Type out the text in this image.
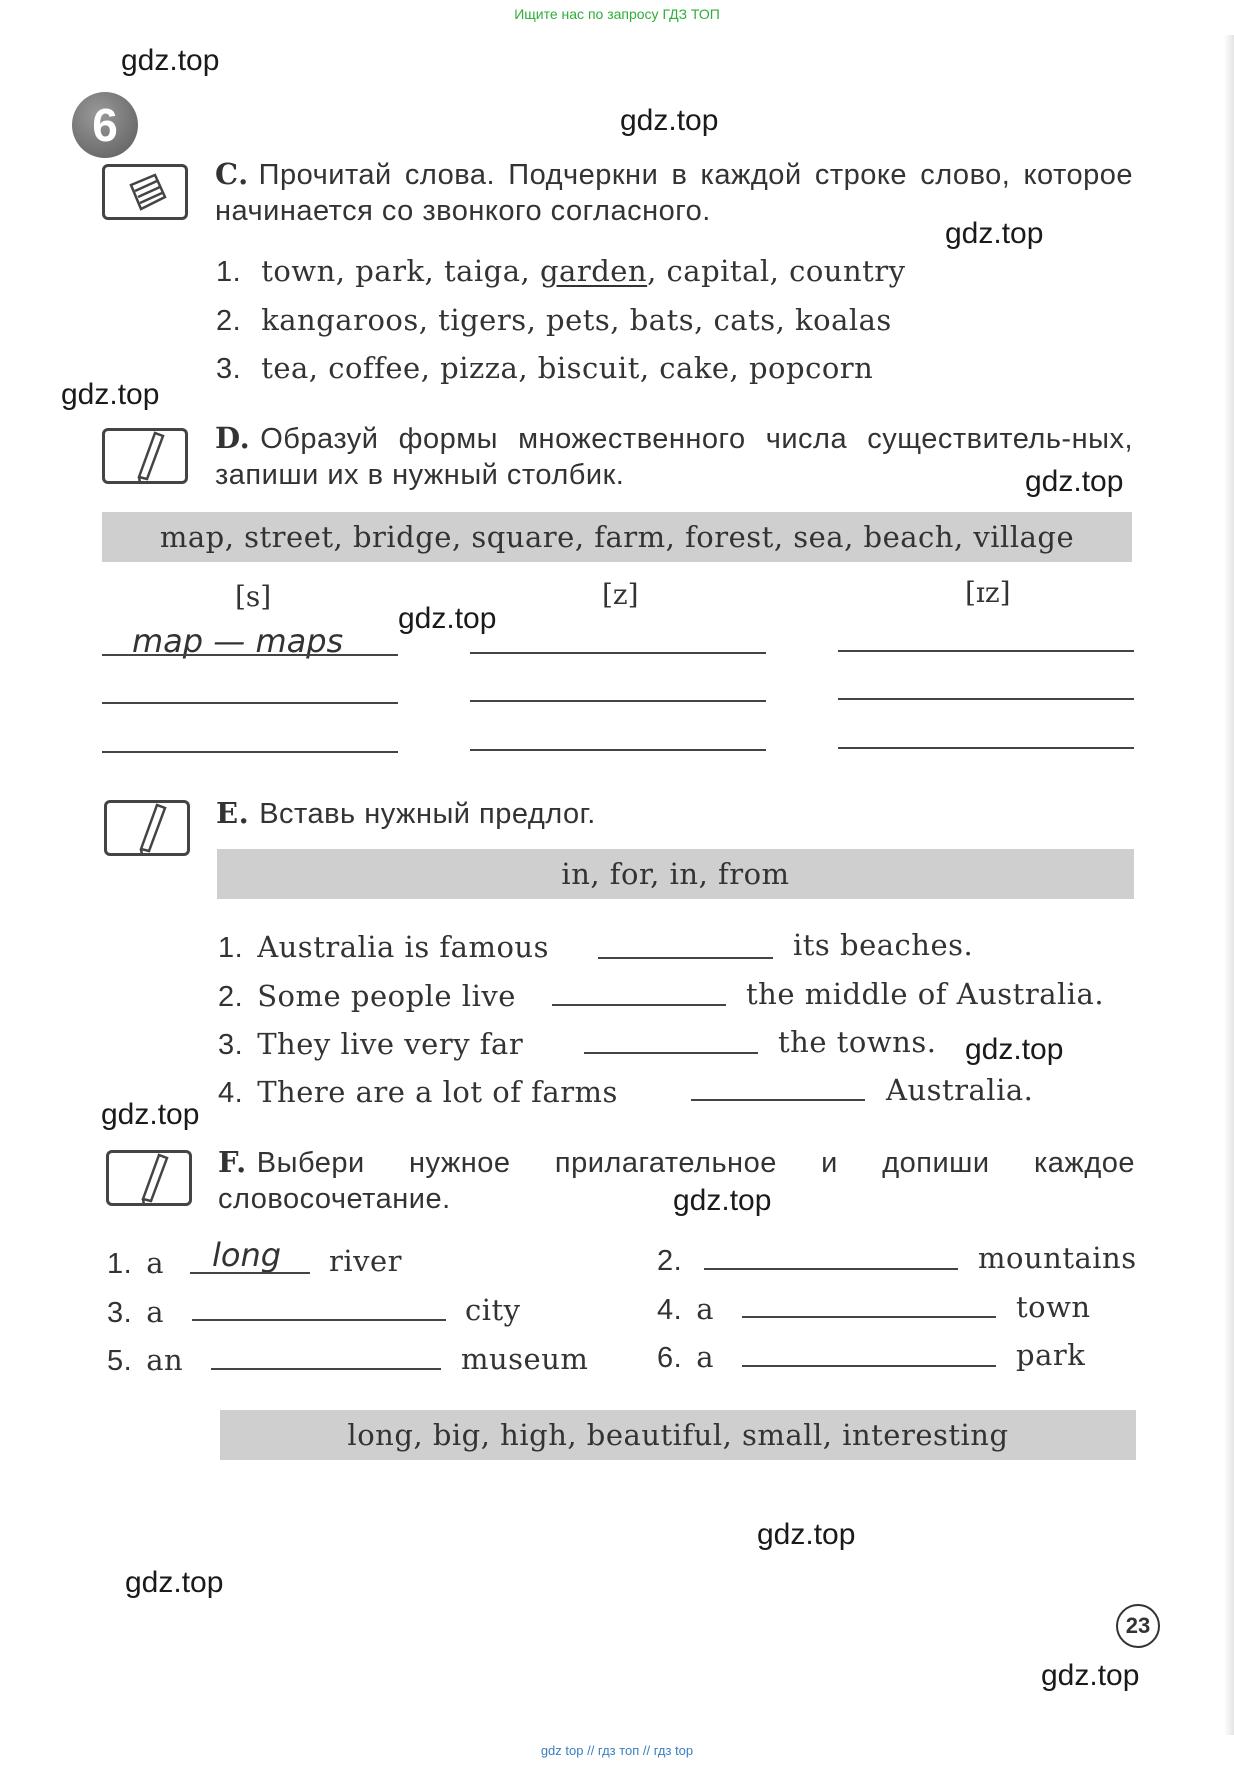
Ищите нас по запросу ГДЗ ТОП
gdz.top
gdz.top
gdz.top
gdz.top
gdz.top
gdz.top
gdz.top
gdz.top
gdz.top
gdz.top
gdz.top
gdz.top
6
C. Прочитай слова. Подчеркни в каждой строке слово, которое начинается со звонкого согласного.
1. town, park, taiga, garden, capital, country
2. kangaroos, tigers, pets, bats, cats, koalas
3. tea, coffee, pizza, biscuit, cake, popcorn
D. Образуй формы множественного числа существитель-ных, запиши их в нужный столбик.
map, street, bridge, square, farm, forest, sea, beach, village
[s]	[z]	[ɪz]
map — maps
E. Вставь нужный предлог.
in, for, in, from
1. Australia is famous	its beaches.
2. Some people live	the middle of Australia.
3. They live very far	the towns.
4. There are a lot of farms	Australia.
F. Выбери нужное прилагательное и допиши каждое словосочетание.
1. a long river
3. a	city
5. an	museum
2.	mountains
4. a	town
6. a	park
long, big, high, beautiful, small, interesting
23
gdz top // гдз топ // гдз top
